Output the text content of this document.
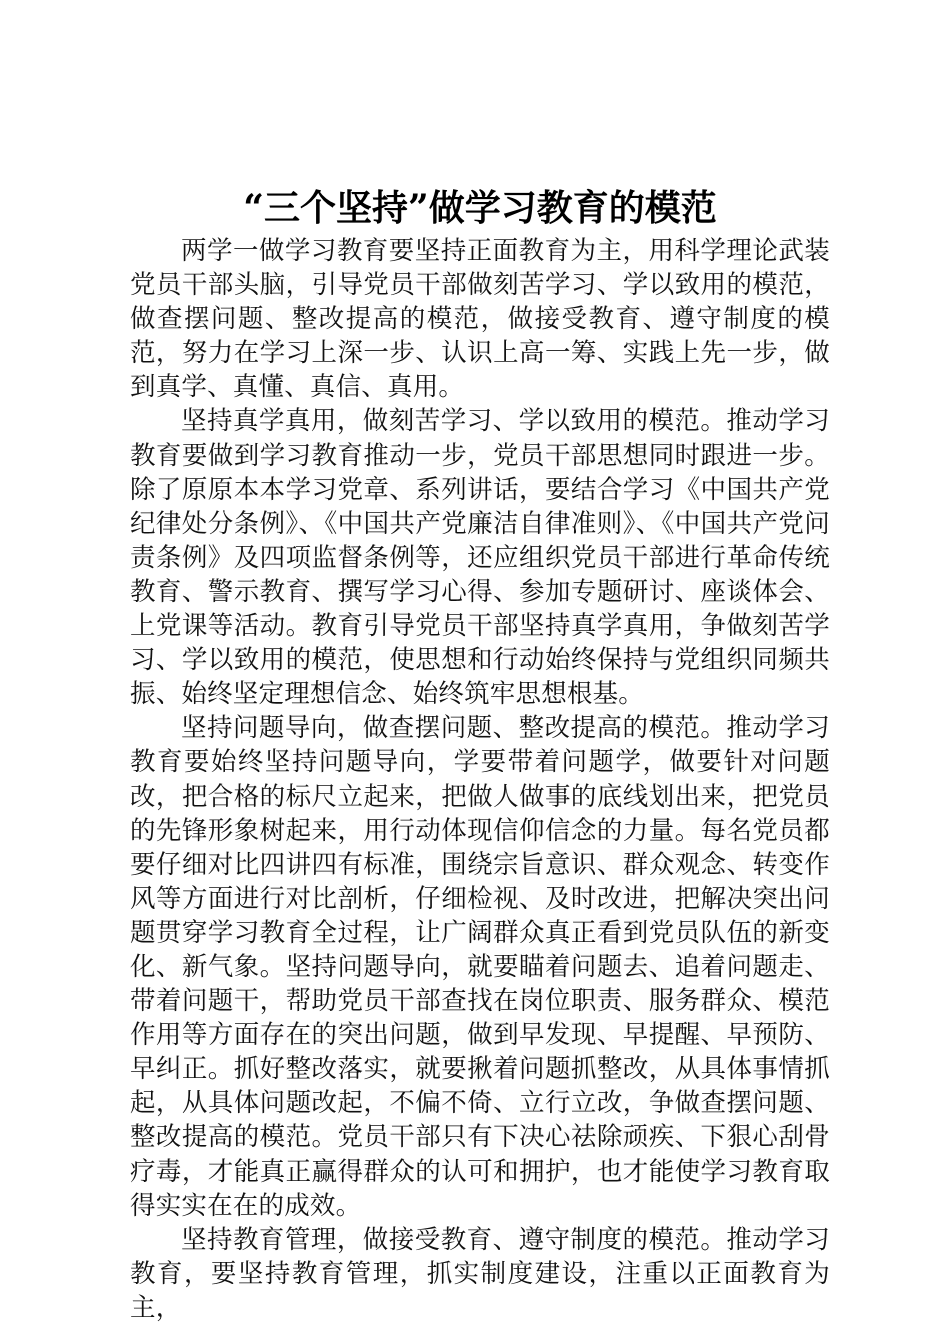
“三个坚持”做学习教育的模范

两学一做学习教育要坚持正面教育为主，用科学理论武装党员干部头脑，引导党员干部做刻苦学习、学以致用的模范，做查摆问题、整改提高的模范，做接受教育、遵守制度的模范，努力在学习上深一步、认识上高一筹、实践上先一步，做到真学、真懂、真信、真用。

坚持真学真用，做刻苦学习、学以致用的模范。推动学习教育要做到学习教育推动一步，党员干部思想同时跟进一步。除了原原本本学习党章、系列讲话，要结合学习《中国共产党纪律处分条例》、《中国共产党廉洁自律准则》、《中国共产党问责条例》及四项监督条例等，还应组织党员干部进行革命传统教育、警示教育、撰写学习心得、参加专题研讨、座谈体会、上党课等活动。教育引导党员干部坚持真学真用，争做刻苦学习、学以致用的模范，使思想和行动始终保持与党组织同频共振、始终坚定理想信念、始终筑牢思想根基。

坚持问题导向，做查摆问题、整改提高的模范。推动学习教育要始终坚持问题导向，学要带着问题学，做要针对问题改，把合格的标尺立起来，把做人做事的底线划出来，把党员的先锋形象树起来，用行动体现信仰信念的力量。每名党员都要仔细对比四讲四有标准，围绕宗旨意识、群众观念、转变作风等方面进行对比剖析，仔细检视、及时改进，把解决突出问题贯穿学习教育全过程，让广阔群众真正看到党员队伍的新变化、新气象。坚持问题导向，就要瞄着问题去、追着问题走、带着问题干，帮助党员干部查找在岗位职责、服务群众、模范作用等方面存在的突出问题，做到早发现、早提醒、早预防、早纠正。抓好整改落实，就要揪着问题抓整改，从具体事情抓起，从具体问题改起，不偏不倚、立行立改，争做查摆问题、整改提高的模范。党员干部只有下决心祛除顽疾、下狠心刮骨疗毒，才能真正赢得群众的认可和拥护，也才能使学习教育取得实实在在的成效。

坚持教育管理，做接受教育、遵守制度的模范。推动学习教育，要坚持教育管理，抓实制度建设，注重以正面教育为主，
